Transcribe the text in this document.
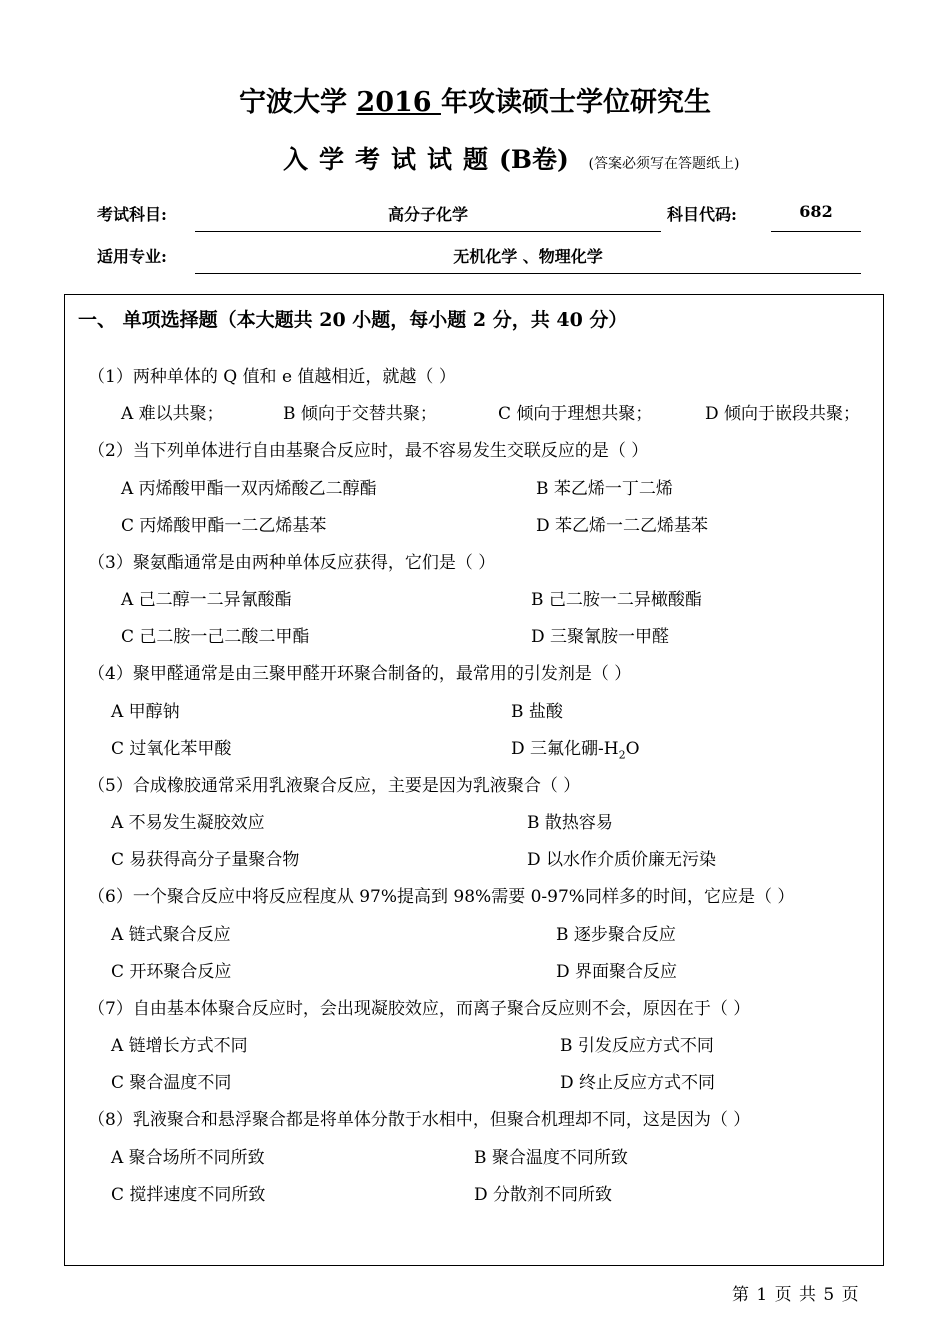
宁波大学 2016 年攻读硕士学位研究生
入学考试试题(B卷) (答案必须写在答题纸上)
考试科目:	高分子化学	科目代码:	682
适用专业:	无机化学 、物理化学
一、 单项选择题（本大题共 20 小题，每小题 2 分，共 40 分）
（1）两种单体的 Q 值和 e 值越相近，就越（ ）
A 难以共聚；	B 倾向于交替共聚；	C 倾向于理想共聚；	D 倾向于嵌段共聚；
（2）当下列单体进行自由基聚合反应时，最不容易发生交联反应的是（ ）
A 丙烯酸甲酯一双丙烯酸乙二醇酯	B 苯乙烯一丁二烯
C 丙烯酸甲酯一二乙烯基苯	D 苯乙烯一二乙烯基苯
（3）聚氨酯通常是由两种单体反应获得，它们是（ ）
A 己二醇一二异氰酸酯	B 己二胺一二异橄酸酯
C 己二胺一己二酸二甲酯	D 三聚氰胺一甲醛
（4）聚甲醛通常是由三聚甲醛开环聚合制备的，最常用的引发剂是（ ）
A 甲醇钠	B 盐酸
C 过氧化苯甲酸	D 三氟化硼$-H_2O$
（5）合成橡胶通常采用乳液聚合反应，主要是因为乳液聚合（ ）
A 不易发生凝胶效应	B 散热容易
C 易获得高分子量聚合物	D 以水作介质价廉无污染
（6）一个聚合反应中将反应程度从 97%提高到 98%需要 0-97%同样多的时间，它应是（ ）
A 链式聚合反应	B 逐步聚合反应
C 开环聚合反应	D 界面聚合反应
（7）自由基本体聚合反应时，会出现凝胶效应，而离子聚合反应则不会，原因在于（ ）
A 链增长方式不同	B 引发反应方式不同
C 聚合温度不同	D 终止反应方式不同
（8）乳液聚合和悬浮聚合都是将单体分散于水相中，但聚合机理却不同，这是因为（ ）
A 聚合场所不同所致	B 聚合温度不同所致
C 搅拌速度不同所致	D 分散剂不同所致
第 1 页 共 5 页
